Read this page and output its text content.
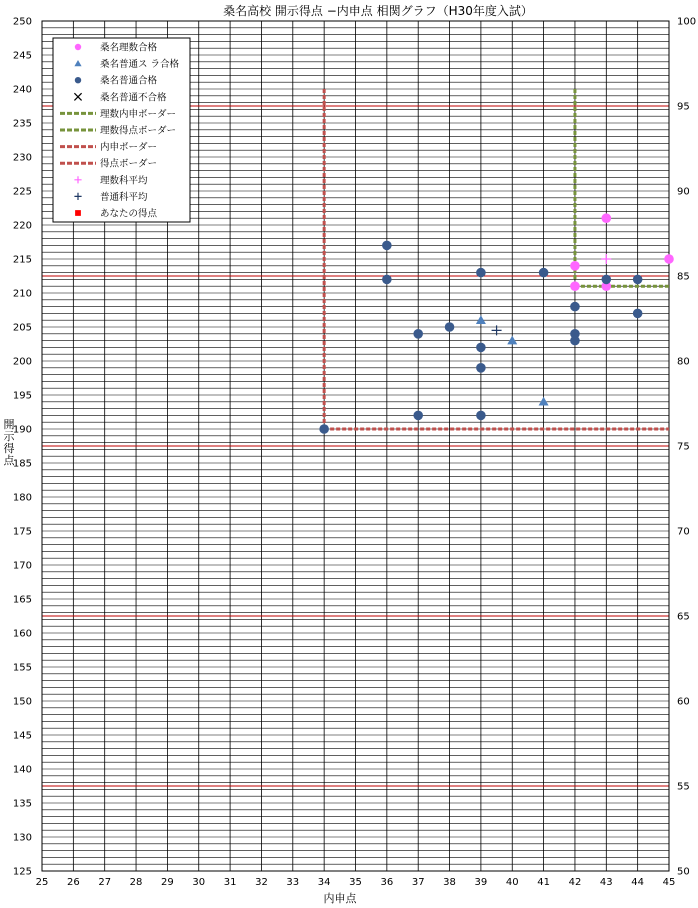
桑名高校 開示得点 −内申点 相関グラフ（H30年度入試）
25 26 27 28 29 30 31 32 33 34 35 36 37 38 39 40 41 42 43 44 45
125
130
135
140
145
150
155
160
165
170
175
180
185
190
195
200
205
210
215
220
225
230
235
240
245
250
50
55
60
65
70
75
80
85
90
95
100
内申点
開
示
得
点
桑名理数合格
桑名普通ス ラ合格
桑名普通合格
桑名普通不合格
理数内申ボーダー
理数得点ボーダー
内申ボーダー
得点ボーダー
理数科平均
普通科平均
あなたの得点
